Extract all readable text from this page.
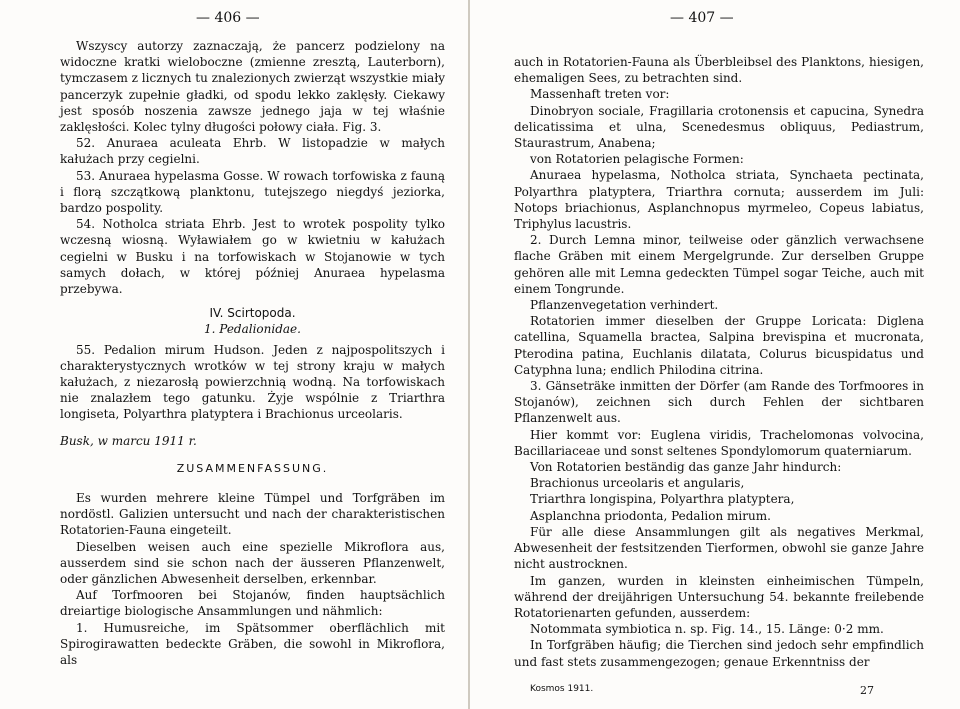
— 406 —

Wszyscy autorzy zaznaczają, że pancerz podzielony na widoczne kratki wieloboczne (zmienne zresztą, Lauterborn), tymczasem z licznych tu znalezionych zwierząt wszystkie miały pancerzyk zupełnie gładki, od spodu lekko zaklęsły. Ciekawy jest sposób noszenia zawsze jednego jaja w tej właśnie zaklęsłości. Kolec tylny długości połowy ciała. Fig. 3.

52. Anuraea aculeata Ehrb. W listopadzie w małych kałużach przy cegielni.

53. Anuraea hypelasma Gosse. W rowach torfowiska z fauną i florą szczątkową planktonu, tutejszego niegdyś jeziorka, bardzo pospolity.

54. Notholca striata Ehrb. Jest to wrotek pospolity tylko wczesną wiosną. Wyławiałem go w kwietniu w kałużach cegielni w Busku i na torfowiskach w Stojanowie w tych samych dołach, w której później Anuraea hypelasma przebywa.

IV. Scirtopoda.

1. Pedalionidae.

55. Pedalion mirum Hudson. Jeden z najpospolitszych i charakterystycznych wrotków w tej strony kraju w małych kałużach, z niezarosłą powierzchnią wodną. Na torfowiskach nie znalazłem tego gatunku. Żyje wspólnie z Triarthra longiseta, Polyarthra platyptera i Brachionus urceolaris.

Busk, w marcu 1911 r.

ZUSAMMENFASSUNG.

Es wurden mehrere kleine Tümpel und Torfgräben im nordöstl. Galizien untersucht und nach der charakteristischen Rotatorien-Fauna eingeteilt.

Dieselben weisen auch eine spezielle Mikroflora aus, ausserdem sind sie schon nach der äusseren Pflanzenwelt, oder gänzlichen Abwesenheit derselben, erkennbar.

Auf Torfmooren bei Stojanów, finden hauptsächlich dreiartige biologische Ansammlungen und nähmlich:

1. Humusreiche, im Spätsommer oberflächlich mit Spirogirawatten bedeckte Gräben, die sowohl in Mikroflora, als

— 407 —

auch in Rotatorien-Fauna als Überbleibsel des Planktons, hiesigen, ehemaligen Sees, zu betrachten sind.

Massenhaft treten vor:

Dinobryon sociale, Fragillaria crotonensis et capucina, Synedra delicatissima et ulna, Scenedesmus obliquus, Pediastrum, Staurastrum, Anabena;

von Rotatorien pelagische Formen:

Anuraea hypelasma, Notholca striata, Synchaeta pectinata, Polyarthra platyptera, Triarthra cornuta; ausserdem im Juli: Notops briachionus, Asplanchnopus myrmeleo, Copeus labiatus, Triphylus lacustris.

2. Durch Lemna minor, teilweise oder gänzlich verwachsene flache Gräben mit einem Mergelgrunde. Zur derselben Gruppe gehören alle mit Lemna gedeckten Tümpel sogar Teiche, auch mit einem Tongrunde.

Pflanzenvegetation verhindert.

Rotatorien immer dieselben der Gruppe Loricata: Diglena catellina, Squamella bractea, Salpina brevispina et mucronata, Pterodina patina, Euchlanis dilatata, Colurus bicuspidatus und Catyphna luna; endlich Philodina citrina.

3. Gänseträke inmitten der Dörfer (am Rande des Torfmoores in Stojanów), zeichnen sich durch Fehlen der sichtbaren Pflanzenwelt aus.

Hier kommt vor: Euglena viridis, Trachelomonas volvocina, Bacillariaceae und sonst seltenes Spondylomorum quaterniarum.

Von Rotatorien beständig das ganze Jahr hindurch:

Brachionus urceolaris et angularis,

Triarthra longispina, Polyarthra platyptera,

Asplanchna priodonta, Pedalion mirum.

Für alle diese Ansammlungen gilt als negatives Merkmal, Abwesenheit der festsitzenden Tierformen, obwohl sie ganze Jahre nicht austrocknen.

Im ganzen, wurden in kleinsten einheimischen Tümpeln, während der dreijährigen Untersuchung 54. bekannte freilebende Rotatorienarten gefunden, ausserdem:

Notommata symbiotica n. sp. Fig. 14., 15. Länge: 0·2 mm.

In Torfgräben häufig; die Tierchen sind jedoch sehr empfindlich und fast stets zusammengezogen; genaue Erkenntniss der

Kosmos 1911.	27
